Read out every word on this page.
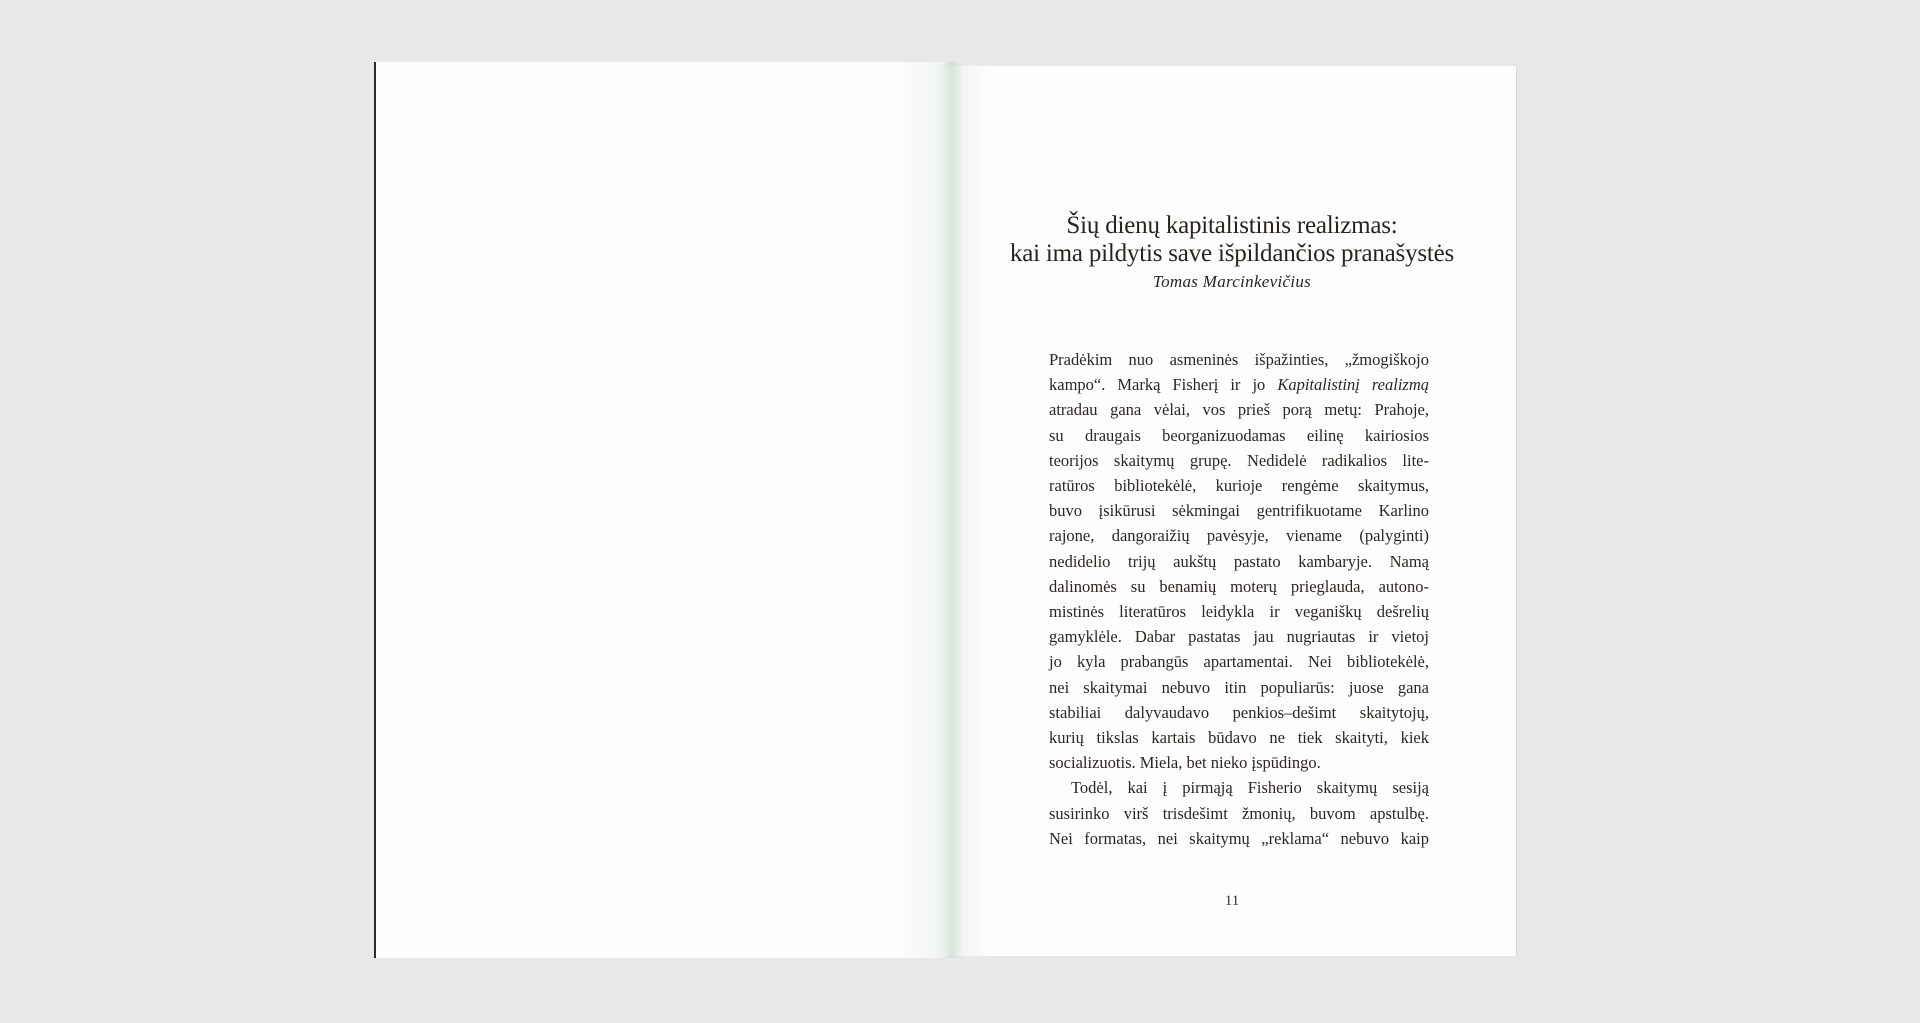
Šių dienų kapitalistinis realizmas:
kai ima pildytis save išpildančios pranašystės
Tomas Marcinkevičius
Pradėkim nuo asmeninės išpažinties, „žmogiškojo
kampo“. Marką Fisherį ir jo Kapitalistinį realizmą
atradau gana vėlai, vos prieš porą metų: Prahoje,
su draugais beorganizuodamas eilinę kairiosios
teorijos skaitymų grupę. Nedidelė radikalios lite-
ratūros bibliotekėlė, kurioje rengėme skaitymus,
buvo įsikūrusi sėkmingai gentrifikuotame Karlino
rajone, dangoraižių pavėsyje, viename (palyginti)
nedidelio trijų aukštų pastato kambaryje. Namą
dalinomės su benamių moterų prieglauda, autono-
mistinės literatūros leidykla ir veganiškų dešrelių
gamyklėle. Dabar pastatas jau nugriautas ir vietoj
jo kyla prabangūs apartamentai. Nei bibliotekėlė,
nei skaitymai nebuvo itin populiarūs: juose gana
stabiliai dalyvaudavo penkios–dešimt skaitytojų,
kurių tikslas kartais būdavo ne tiek skaityti, kiek
socializuotis. Miela, bet nieko įspūdingo.
Todėl, kai į pirmąją Fisherio skaitymų sesiją
susirinko virš trisdešimt žmonių, buvom apstulbę.
Nei formatas, nei skaitymų „reklama“ nebuvo kaip
11
